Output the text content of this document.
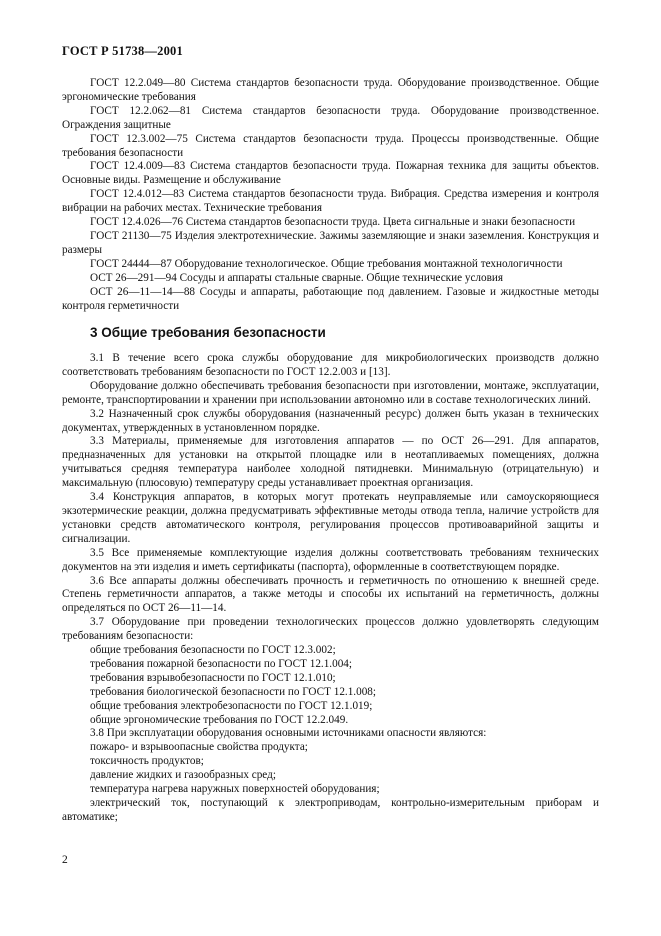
ГОСТ Р 51738—2001

ГОСТ 12.2.049—80 Система стандартов безопасности труда. Оборудование производственное. Общие эргономические требования

ГОСТ 12.2.062—81 Система стандартов безопасности труда. Оборудование производственное. Ограждения защитные

ГОСТ 12.3.002—75 Система стандартов безопасности труда. Процессы производственные. Общие требования безопасности

ГОСТ 12.4.009—83 Система стандартов безопасности труда. Пожарная техника для защиты объектов. Основные виды. Размещение и обслуживание

ГОСТ 12.4.012—83 Система стандартов безопасности труда. Вибрация. Средства измерения и контроля вибрации на рабочих местах. Технические требования

ГОСТ 12.4.026—76 Система стандартов безопасности труда. Цвета сигнальные и знаки безопасности

ГОСТ 21130—75 Изделия электротехнические. Зажимы заземляющие и знаки заземления. Конструкция и размеры

ГОСТ 24444—87 Оборудование технологическое. Общие требования монтажной технологичности

ОСТ 26—291—94 Сосуды и аппараты стальные сварные. Общие технические условия

ОСТ 26—11—14—88 Сосуды и аппараты, работающие под давлением. Газовые и жидкостные методы контроля герметичности

3 Общие требования безопасности

3.1 В течение всего срока службы оборудование для микробиологических производств должно соответствовать требованиям безопасности по ГОСТ 12.2.003 и [13].

Оборудование должно обеспечивать требования безопасности при изготовлении, монтаже, эксплуатации, ремонте, транспортировании и хранении при использовании автономно или в составе технологических линий.

3.2 Назначенный срок службы оборудования (назначенный ресурс) должен быть указан в технических документах, утвержденных в установленном порядке.

3.3 Материалы, применяемые для изготовления аппаратов — по ОСТ 26—291. Для аппаратов, предназначенных для установки на открытой площадке или в неотапливаемых помещениях, должна учитываться средняя температура наиболее холодной пятидневки. Минимальную (отрицательную) и максимальную (плюсовую) температуру среды устанавливает проектная организация.

3.4 Конструкция аппаратов, в которых могут протекать неуправляемые или самоускоряющиеся экзотермические реакции, должна предусматривать эффективные методы отвода тепла, наличие устройств для установки средств автоматического контроля, регулирования процессов противоаварийной защиты и сигнализации.

3.5 Все применяемые комплектующие изделия должны соответствовать требованиям технических документов на эти изделия и иметь сертификаты (паспорта), оформленные в соответствующем порядке.

3.6 Все аппараты должны обеспечивать прочность и герметичность по отношению к внешней среде. Степень герметичности аппаратов, а также методы и способы их испытаний на герметичность, должны определяться по ОСТ 26—11—14.

3.7 Оборудование при проведении технологических процессов должно удовлетворять следующим требованиям безопасности:

общие требования безопасности по ГОСТ 12.3.002;

требования пожарной безопасности по ГОСТ 12.1.004;

требования взрывобезопасности по ГОСТ 12.1.010;

требования биологической безопасности по ГОСТ 12.1.008;

общие требования электробезопасности по ГОСТ 12.1.019;

общие эргономические требования по ГОСТ 12.2.049.

3.8 При эксплуатации оборудования основными источниками опасности являются:

пожаро- и взрывоопасные свойства продукта;

токсичность продуктов;

давление жидких и газообразных сред;

температура нагрева наружных поверхностей оборудования;

электрический ток, поступающий к электроприводам, контрольно-измерительным приборам и автоматике;

2
